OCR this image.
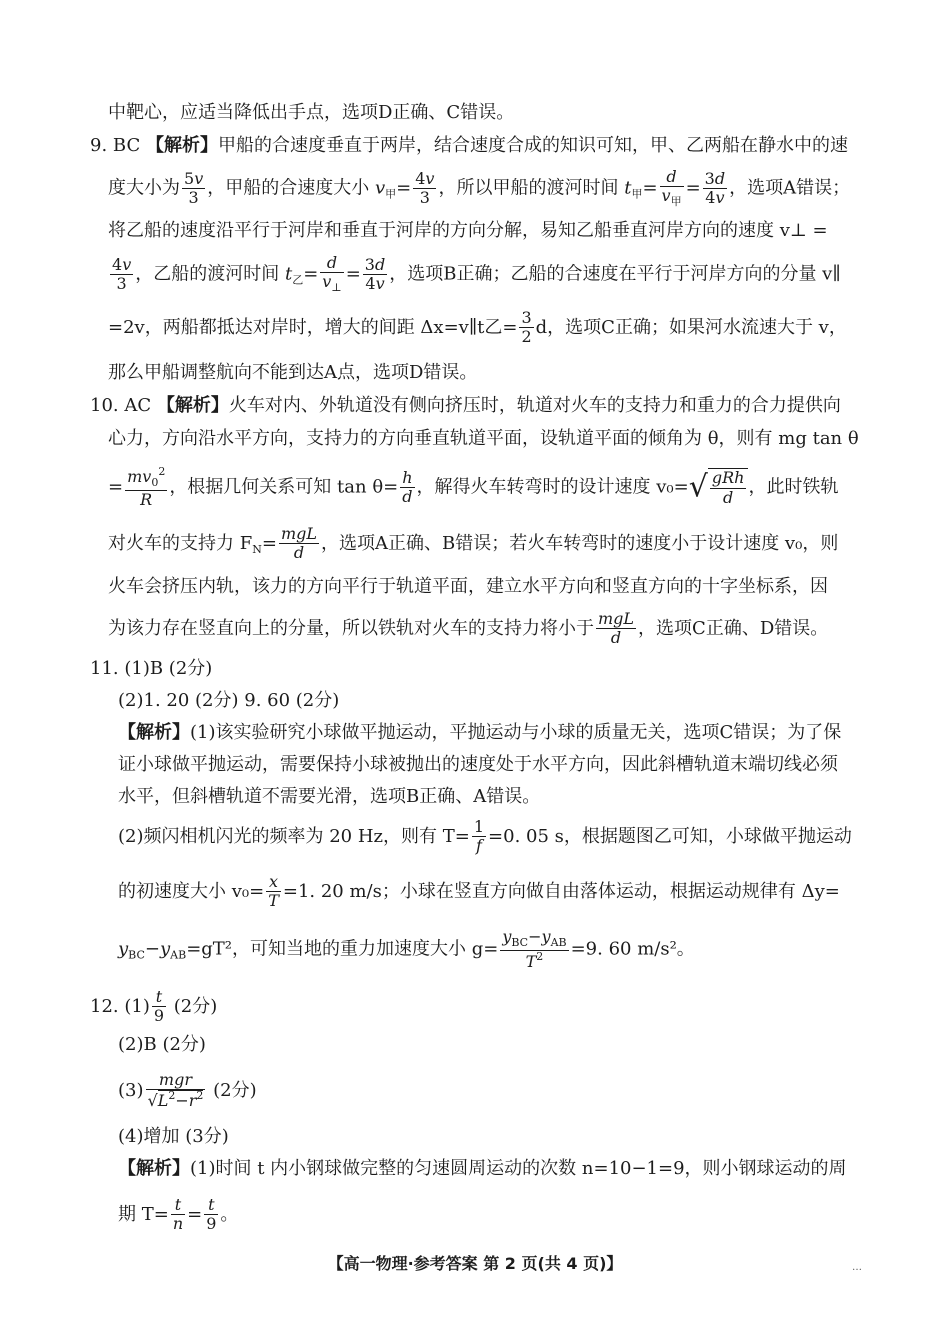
中靶心，应适当降低出手点，选项D正确、C错误。
9. BC 【解析】甲船的合速度垂直于两岸，结合速度合成的知识可知，甲、乙两船在静水中的速
度大小为 $\frac{5v}{3}$ ，甲船的合速度大小 $v_甲= \frac{4v}{3}$ ，所以甲船的渡河时间 $t_甲= \frac{d}{v_甲} = \frac{3d}{4v}$ ，选项A错误；
将乙船的速度沿平行于河岸和垂直于河岸的方向分解，易知乙船垂直河岸方向的速度 v⊥ =
$\frac{4v}{3}$ ，乙船的渡河时间 $t_乙= \frac{d}{v_\perp} = \frac{3d}{4v}$ ，选项B正确；乙船的合速度在平行于河岸方向的分量 v∥
=2v，两船都抵达对岸时，增大的间距 Δx=v∥t乙= $\frac{3}{2}$ d，选项C正确；如果河水流速大于 v，
那么甲船调整航向不能到达A点，选项D错误。
10. AC 【解析】火车对内、外轨道没有侧向挤压时，轨道对火车的支持力和重力的合力提供向
心力，方向沿水平方向，支持力的方向垂直轨道平面，设轨道平面的倾角为 θ，则有 mg tan θ
= $\frac{mv_0^2}{R}$ ，根据几何关系可知 $\tan \theta= \frac{h}{d}$ ，解得火车转弯时的设计速度 $v_0=√ \frac{\text{gRh}}{d}$ ，此时铁轨
对火车的支持力 $F_N= \frac{\text{mgL}}{d}$ ，选项A正确、B错误；若火车转弯时的速度小于设计速度 v₀，则
火车会挤压内轨，该力的方向平行于轨道平面，建立水平方向和竖直方向的十字坐标系，因
为该力存在竖直向上的分量，所以铁轨对火车的支持力将小于 $\frac{\text{mgL}}{d}$ ，选项C正确、D错误。
11. (1)B (2分)
(2)1. 20 (2分) 9. 60 (2分)
【解析】(1)该实验研究小球做平抛运动，平抛运动与小球的质量无关，选项C错误；为了保
证小球做平抛运动，需要保持小球被抛出的速度处于水平方向，因此斜槽轨道末端切线必须
水平，但斜槽轨道不需要光滑，选项B正确、A错误。
(2)频闪相机闪光的频率为 20 Hz，则有 $T= \frac{1}{f} =0$. 05 s，根据题图乙可知，小球做平抛运动
的初速度大小 $v_0= \frac{x}{T} =1$. 20 m/s；小球在竖直方向做自由落体运动，根据运动规律有 Δy=
$y_{BC}-y_{AB}=gT^2$，可知当地的重力加速度大小 $g= \frac{y_{BC}-y_{AB}}{T^2} =9$. 60 m/s²。
12. $(1) \frac{t}{9} (2$分)
(2)B (2分)
$(3) \frac{\text{mgr}}{√L^2-r^2} (2$分)
(4)增加 (3分)
【解析】(1)时间 t 内小钢球做完整的匀速圆周运动的次数 n=10−1=9，则小钢球运动的周
期 $T= \frac{t}{n} = \frac{t}{9}$ 。
【高一物理·参考答案 第 2 页(共 4 页)】	…
